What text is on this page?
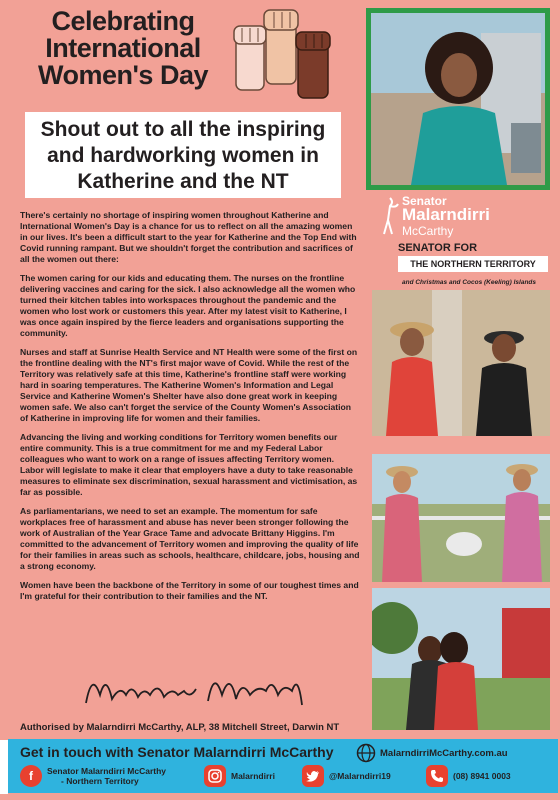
Celebrating International Women's Day
Shout out to all the inspiring and hardworking women in Katherine and the NT
Senator
Malarndirri
McCarthy
SENATOR FOR
THE NORTHERN TERRITORY
and Christmas and Cocos (Keeling) Islands

There's certainly no shortage of inspiring women throughout Katherine and International Women's Day is a chance for us to reflect on all the amazing women in our lives. It's been a difficult start to the year for Katherine and the Top End with Covid running rampant. But we shouldn't forget the contribution and sacrifices of all the women out there:

The women caring for our kids and educating them. The nurses on the frontline delivering vaccines and caring for the sick. I also acknowledge all the women who turned their kitchen tables into workspaces throughout the pandemic and the women who lost work or customers this year. After my latest visit to Katherine, I was once again inspired by the fierce leaders and organisations supporting the community.

Nurses and staff at Sunrise Health Service and NT Health were some of the first on the frontline dealing with the NT's first major wave of Covid. While the rest of the Territory was relatively safe at this time, Katherine's frontline staff were working hard in soaring temperatures. The Katherine Women's Information and Legal Service and Katherine Women's Shelter have also done great work in keeping women safe. We also can't forget the service of the County Women's Association of Katherine in improving life for women and their families.

Advancing the living and working conditions for Territory women benefits our entire community. This is a true commitment for me and my Federal Labor colleagues who want to work on a range of issues affecting Territory women. Labor will legislate to make it clear that employers have a duty to take reasonable measures to eliminate sex discrimination, sexual harassment and victimisation, as far as possible.

As parliamentarians, we need to set an example. The momentum for safe workplaces free of harassment and abuse has never been stronger following the work of Australian of the Year Grace Tame and advocate Brittany Higgins. I'm committed to the advancement of Territory women and improving the quality of life for their families in areas such as schools, healthcare, childcare, jobs, housing and a strong economy.

Women have been the backbone of the Territory in some of our toughest times and I'm grateful for their contribution to their families and the NT.

Authorised by Malarndirri McCarthy, ALP, 38 Mitchell Street, Darwin NT
Get in touch with Senator Malarndirri McCarthy	MalarndirriMcCarthy.com.au
f	Senator Malarndirri McCarthy
- Northern Territory	Malarndirri	@Malarndirri19	(08) 8941 0003
